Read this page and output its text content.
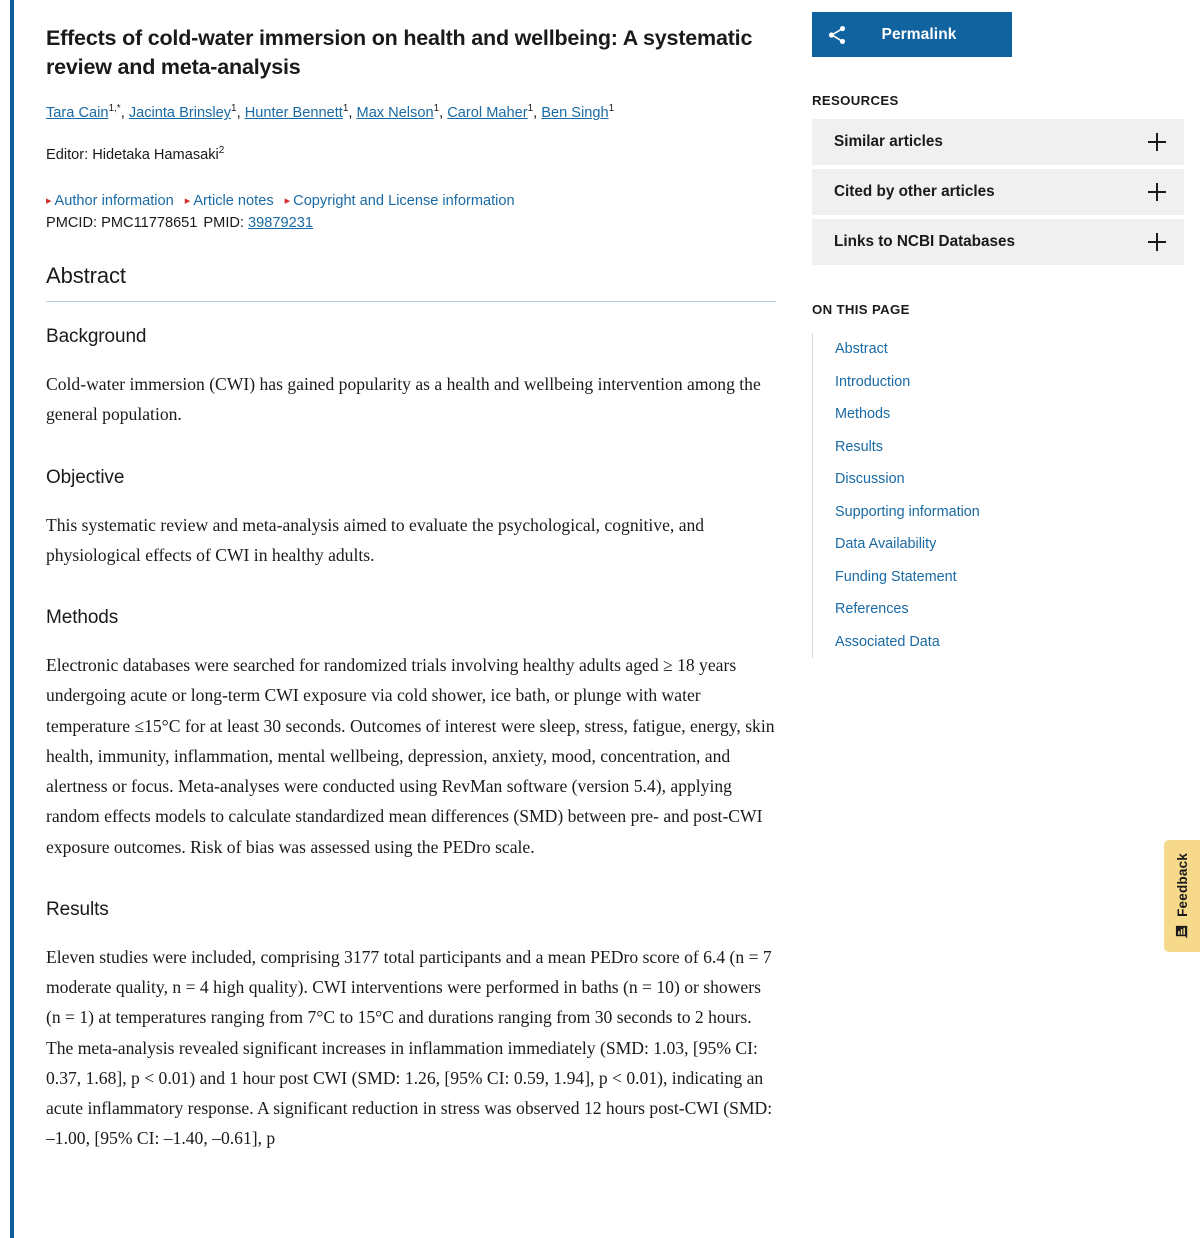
Effects of cold-water immersion on health and wellbeing: A systematic review and meta-analysis
Tara Cain$^{1,*}$, Jacinta Brinsley$^1$, Hunter Bennett$^1$, Max Nelson$^1$, Carol Maher$^1$, Ben Singh$^1$
Editor: Hidetaka Hamasaki$^2$
▸ Author information ▸ Article notes ▸ Copyright and License information
PMCID: PMC11778651 PMID: 39879231
Abstract
Background

Cold-water immersion (CWI) has gained popularity as a health and wellbeing intervention among the general population.

Objective

This systematic review and meta-analysis aimed to evaluate the psychological, cognitive, and physiological effects of CWI in healthy adults.

Methods

Electronic databases were searched for randomized trials involving healthy adults aged ≥ 18 years undergoing acute or long-term CWI exposure via cold shower, ice bath, or plunge with water temperature ≤15°C for at least 30 seconds. Outcomes of interest were sleep, stress, fatigue, energy, skin health, immunity, inflammation, mental wellbeing, depression, anxiety, mood, concentration, and alertness or focus. Meta-analyses were conducted using RevMan software (version 5.4), applying random effects models to calculate standardized mean differences (SMD) between pre- and post-CWI exposure outcomes. Risk of bias was assessed using the PEDro scale.

Results

Eleven studies were included, comprising 3177 total participants and a mean PEDro score of 6.4 (n = 7 moderate quality, n = 4 high quality). CWI interventions were performed in baths (n = 10) or showers (n = 1) at temperatures ranging from 7°C to 15°C and durations ranging from 30 seconds to 2 hours. The meta-analysis revealed significant increases in inflammation immediately (SMD: 1.03, [95% CI: 0.37, 1.68], p < 0.01) and 1 hour post CWI (SMD: 1.26, [95% CI: 0.59, 1.94], p < 0.01), indicating an acute inflammatory response. A significant reduction in stress was observed 12 hours post-CWI (SMD: –1.00, [95% CI: –1.40, –0.61], p

Permalink
RESOURCES
Similar articles
Cited by other articles
Links to NCBI Databases
ON THIS PAGE
Abstract
Introduction
Methods
Results
Discussion
Supporting information
Data Availability
Funding Statement
References
Associated Data
Feedback
